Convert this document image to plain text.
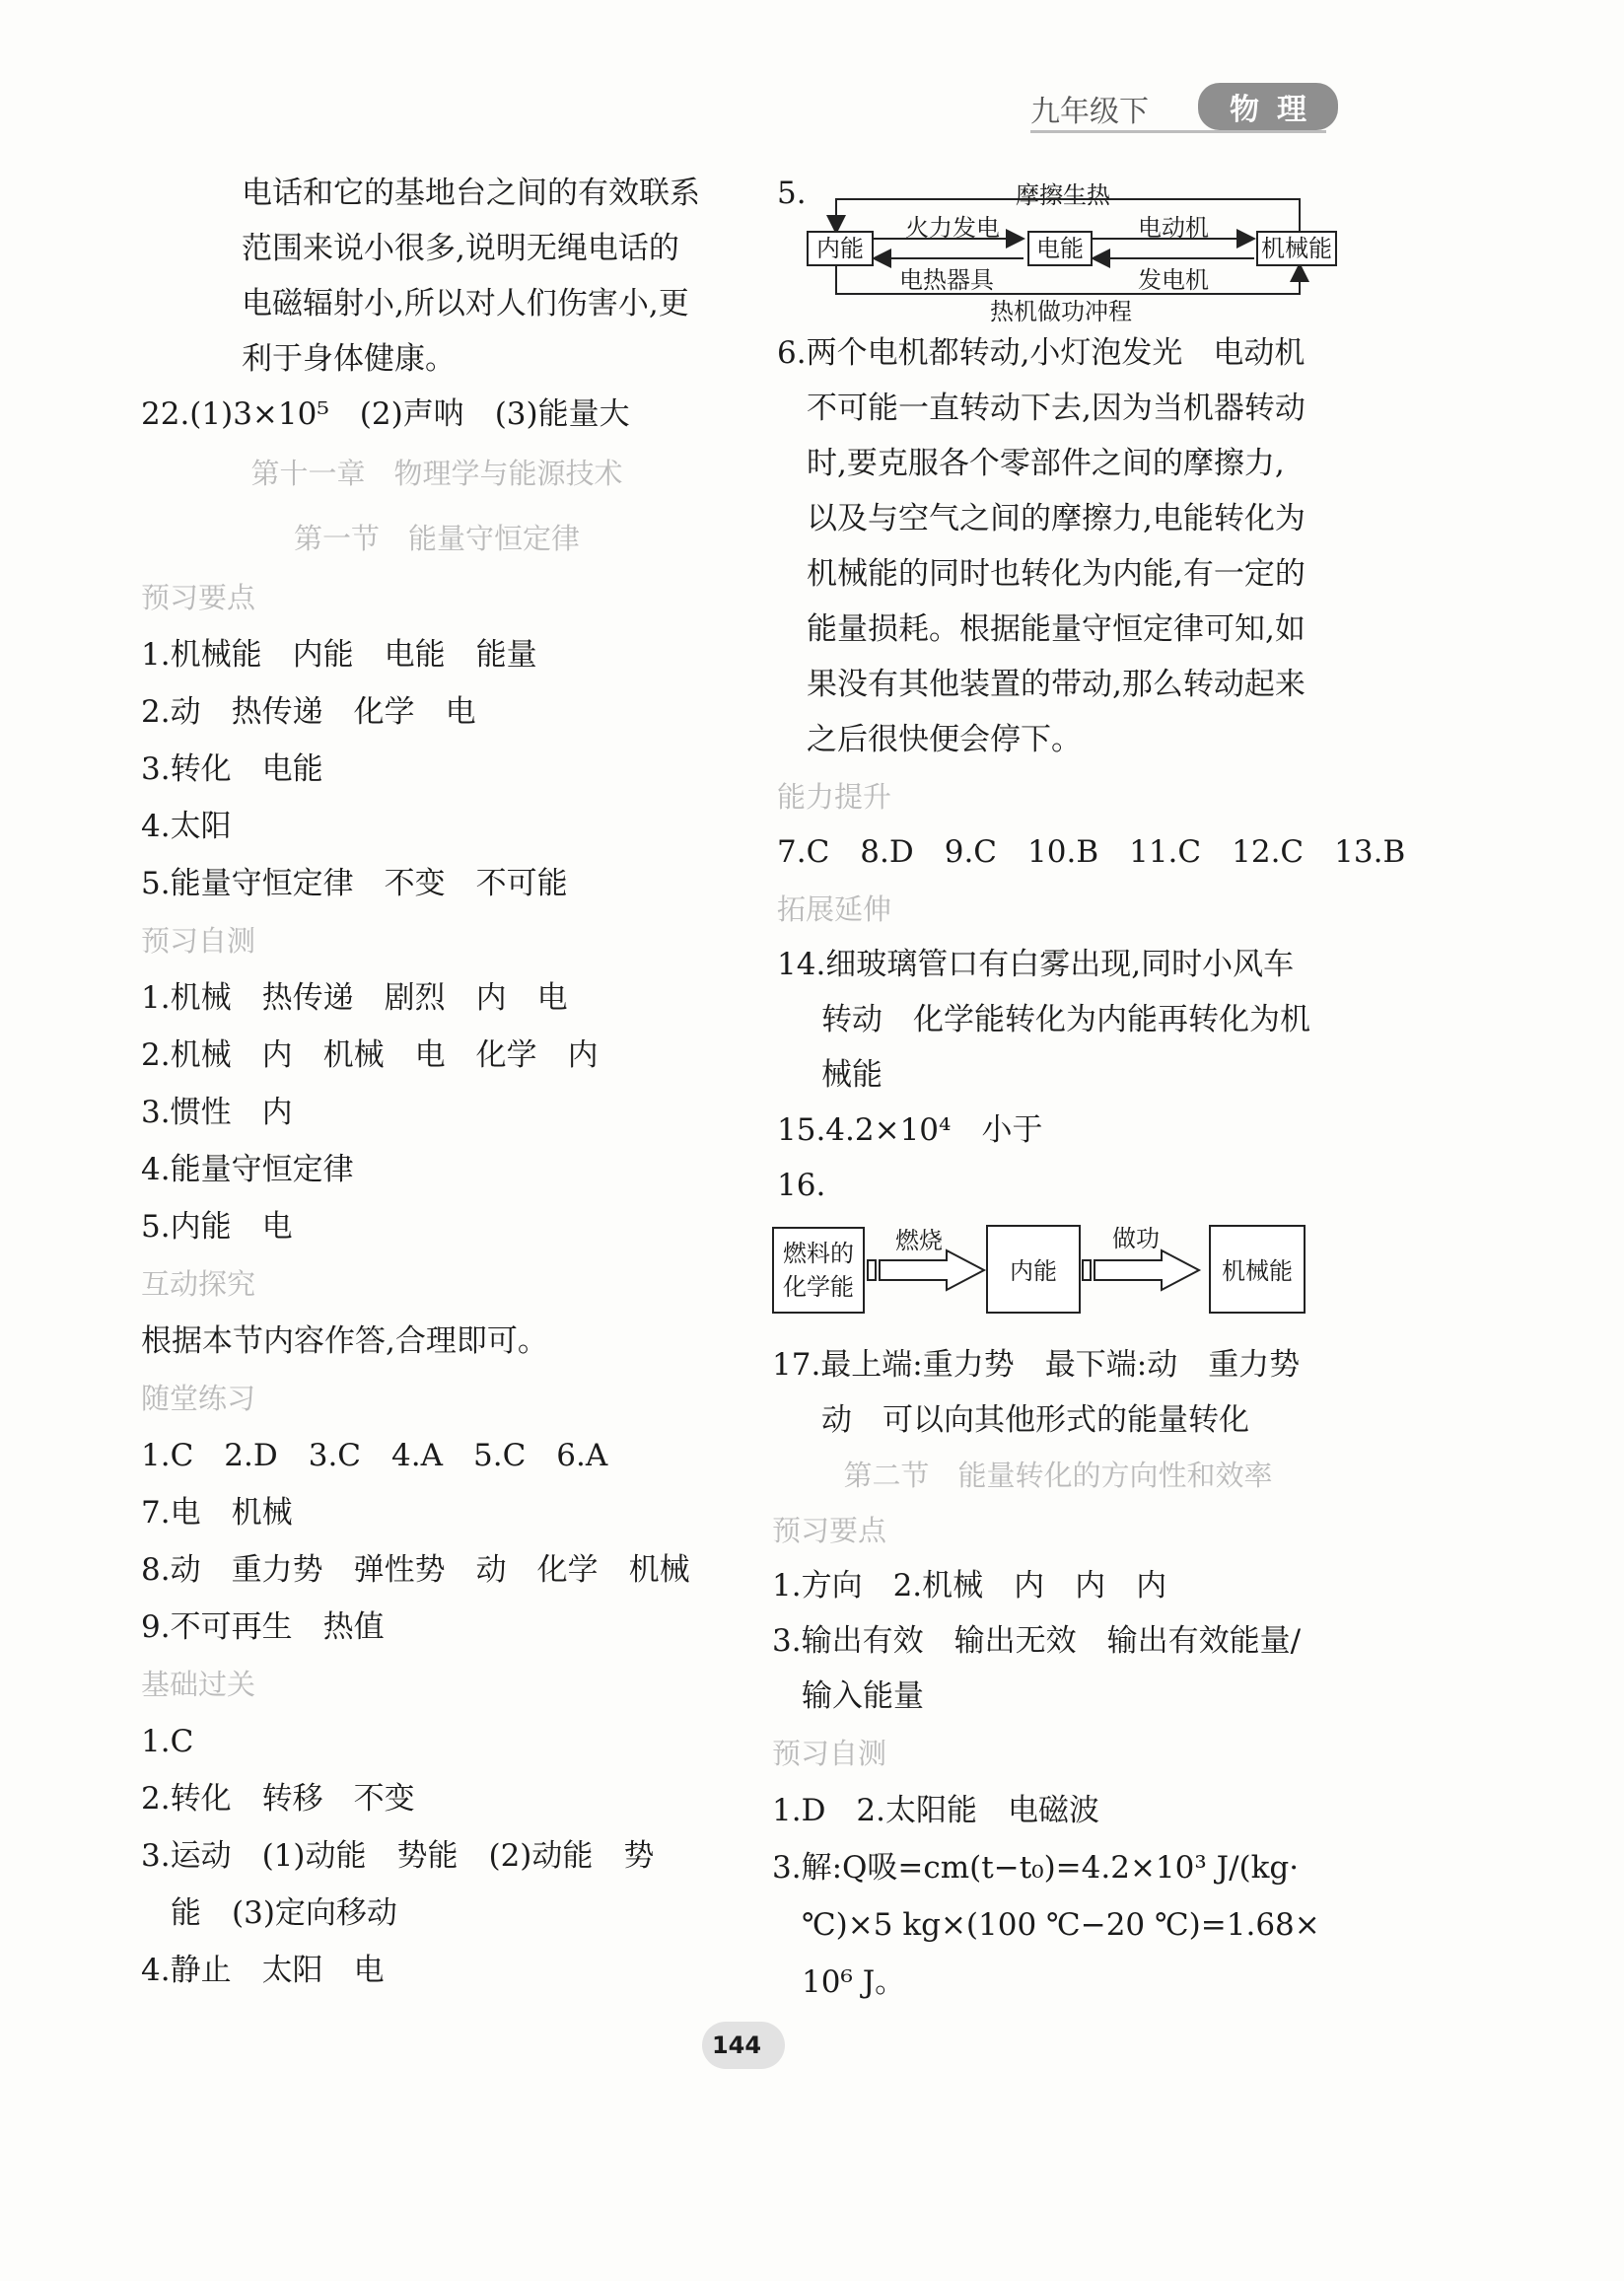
九年级下	物理
电话和它的基地台之间的有效联系
范围来说小很多,说明无绳电话的
电磁辐射小,所以对人们伤害小,更
利于身体健康。
22.(1)3×10⁵　(2)声呐　(3)能量大
第十一章　物理学与能源技术
第一节　能量守恒定律
预习要点
1.机械能　内能　电能　能量
2.动　热传递　化学　电
3.转化　电能
4.太阳
5.能量守恒定律　不变　不可能
预习自测
1.机械　热传递　剧烈　内　电
2.机械　内　机械　电　化学　内
3.惯性　内
4.能量守恒定律
5.内能　电
互动探究
根据本节内容作答,合理即可。
随堂练习
1.C　2.D　3.C　4.A　5.C　6.A
7.电　机械
8.动　重力势　弹性势　动　化学　机械
9.不可再生　热值
基础过关
1.C
2.转化　转移　不变
3.运动　(1)动能　势能　(2)动能　势
能　(3)定向移动
4.静止　太阳　电
5.	摩擦生热
内能	电能	机械能
火力发电
电热器具
电动机
发电机
热机做功冲程
6.两个电机都转动,小灯泡发光　电动机
不可能一直转动下去,因为当机器转动
时,要克服各个零部件之间的摩擦力,
以及与空气之间的摩擦力,电能转化为
机械能的同时也转化为内能,有一定的
能量损耗。根据能量守恒定律可知,如
果没有其他装置的带动,那么转动起来
之后很快便会停下。
能力提升
7.C　8.D　9.C　10.B　11.C　12.C　13.B
拓展延伸
14.细玻璃管口有白雾出现,同时小风车
转动　化学能转化为内能再转化为机
械能
15.4.2×10⁴　小于
16.
燃料的
化学能
燃烧
内能
做功
机械能
17.最上端:重力势　最下端:动　重力势
动　可以向其他形式的能量转化
第二节　能量转化的方向性和效率
预习要点
1.方向　2.机械　内　内　内
3.输出有效　输出无效　输出有效能量/
输入能量
预习自测
1.D　2.太阳能　电磁波
3.解:Q吸=cm(t−t₀)=4.2×10³ J/(kg·
℃)×5 kg×(100 ℃−20 ℃)=1.68×
10⁶ J。
144
